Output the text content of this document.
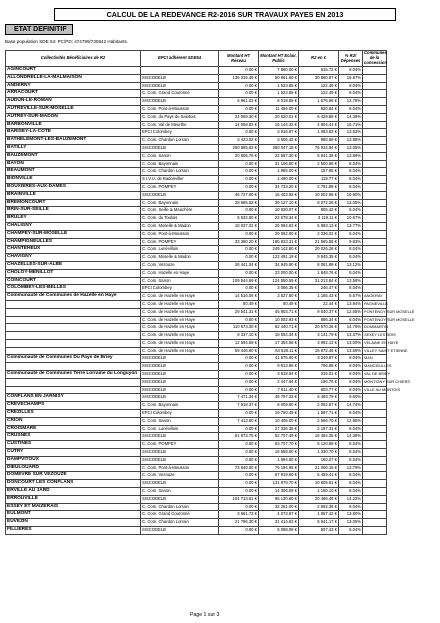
CALCUL DE LA REDEVANCE R2-2016 SUR TRAVAUX PAYES EN 2013
ETAT DEFINITIF
Base population SDE 54: PC/PD: 474799/730842 Habitants.
Collectivités Bénéficiaires de R2	EPCI adhérent SDE54	Montant HT Réseau	Montant HT Eclair. Public	R2 en €	% R2/ Dépenses	Communes de la concession
AGINCOURT		0.00 €	7 660.00 €	615.72 €	8.04%	
ALLONDRELLE-LA-MALMAISON	SISCODELB	135 315.49 €	50 661.50 €	30 660.97 €	16.87%	
ANDERNY	SISCODELB	0.00 €	1 523.85 €	122.49 €	8.04%	
ARRACOURT	C. Com. Grand Couronné	0.00 €	1 523.85 €	122.49 €	8.04%	
AUDUN-LE-ROMAN	SISCODELB	5 961.02 €	8 018.85 €	1 676.96 €	13.78%	
AUTREVILLE-SUR-MOSELLE	C. Com. Pont-à-Mousson	0.00 €	11 456.00 €	920.84 €	8.04%	
AUTREY-SUR-MADON	C. Com. du Pays du Saintois	24 069.30 €	20 620.01 €	6 429.86 €	14.39%	
BARBONVILLE	C. Com. Val de Meurthe	14 058.82 €	15 144.32 €	4 604.41 €	15.71%	
BARISEY-LA-COTE	EPCI Colombey	0.00 €	3 016.67 €	1 083.83 €	13.93%	
BATHELEMONT-LES-BAUZEMONT	C. Com. Chardon Lorrain	3 423.02 €	3 506.42 €	980.59 €	13.88%	
BATILLY	SISCODELB	250 895.63 €	350 047.18 €	76 934.94 €	13.05%	
BAUZEMONT	C. Com. Sanon	20 606.76 €	22 567.30 €	5 941.36 €	13.89%	
BAYON	C. Com. Bayonnais	0.00 €	31 106.50 €	2 500.66 €	8.04%	
BEAUMONT	C. Com. Chardon Lorrain	0.00 €	1 965.00 €	157.95 €	8.04%	
BIONVILLE	S.I.V.U. de Badonviller	0.00 €	1 490.00 €	119.77 €	8.04%	
BOUXIERES-AUX-DAMES	C. Com. POMPEY	0.00 €	34 733.20 €	2 791.88 €	8.04%	
BRAINVILLE	SISCODELB	46 727.80 €	15 403.92 €	10 502.96 €	16.90%	
BREMONCOURT	C. Com. Bayonnais	28 665.52 €	39 127.10 €	8 072.26 €	13.05%	
BRIN-SUR-SEILLE	C. Com. Seille & Mauchère	0.00 €	10 020.07 €	805.42 €	8.04%	
BRULEY	C. Com. du Toulois	6 532.50 €	22 678.34 €	3 119.11 €	10.67%	
CHALIGNY	C. Com. Moselle & Madon	18 037.02 €	26 094.63 €	5 893.13 €	13.77%	
CHAMPEY-SUR-MOSELLE	C. Com. Pont-à-Mousson	0.00 €	29 062.00 €	2 336.02 €	8.04%	
CHAMPIGNEULLES	C. Com. POMPEY	33 360.20 €	185 823.31 €	21 565.56 €	9.83%	
CHANTEHEUX	C. Com. Lunévillois	0.00 €	249 142.80 €	20 026.26 €	8.04%	
CHAVIGNY	C. Com. Moselle & Madon	0.00 €	122 491.19 €	9 845.35 €	8.04%	
CHAZELLES-SUR-ALBE	C. Com. Vezouze	26 441.04 €	34 945.90 €	8 081.88 €	13.12%	
CHOLOY-MENILLOT	C. Com. Hazelle en Haye	0.00 €	23 000.00 €	1 848.76 €	8.04%	
COINCOURT	C. Com. Sanon	109 944.69 €	124 550.59 €	31 013.84 €	13.58%	
COLOMBEY-LES-BELLES	EPCI Colombey	0.00 €	3 066.35 €	246.47 €	8.04%	
Communauté de Communes de Hazelle en Haye	C. Com. de Hazelle en Haye	14 516.06 €	3 527.60 €	1 185.43 €	6.57%	ANGERAY
	C. Com. de Hazelle en Haye	80.49 €	80.49 €	22.44 €	13.94%	PAGNEVILLE
	C. Com. de Hazelle en Haye	29 541.31 €	45 903.71 €	9 540.37 €	12.65%	PONTENOY SUR MOSELLE
	C. Com. de Hazelle en Haye	0.00 €	10 002.93 €	886.34 €	8.04%	PONTENOY SUR MOSELLE
	C. Com. de Hazelle en Haye	110 673.30 €	62 440.71 €	20 670.26 €	14.79%	DOMMARTIN
	C. Com. de Hazelle en Haye	8 337.10 €	18 054.34 €	3 141.79 €	13.37%	SEXEY LES BOIS
	C. Com. de Hazelle en Haye	12 594.59 €	17 354.56 €	3 992.13 €	13.00%	VELAINE EN HAYE
	C. Com. de Hazelle en Haye	59 446.90 €	64 528.11 €	16 872.46 €	13.69%	VILLEY SAINT ETIENNE
Communauté de Communes Du Pays de Briey	SISCODELB	0.00 €	41 675.90 €	3 349.87 €	8.04%	MAN
	SISCODELB	0.00 €	9 913.96 €	796.88 €	8.04%	MANCIEULLES
Communauté de Communes Terre Lorraine du Longuyon	SISCODELB	0.00 €	3 918.94 €	315.01 €	8.04%	VAL DE BRIEY
	SISCODELB	0.00 €	2 447.64 €	196.76 €	8.04%	MONTIGNY SUR CHIERS
	SISCODELB	0.00 €	7 511.40 €	603.77 €	8.04%	VILLE AU MONTOIS
CONFLANS EN JARNISY	SISCODELB	7 471.34 €	48 797.22 €	5 493.79 €	9.60%	
CREVECHAMPS	C. Com. Bayonnais	7 918.37 €	8 009.80 €	2 052.87 €	14.74%	
CREZILLES	EPCI Colombey	0.00 €	19 750.45 €	1 587.71 €	8.04%	
CRION	C. Com. Sanon	7 413.60 €	10 405.00 €	2 566.70 €	12.95%	
CROISMARE	C. Com. Lunévillois	0.00 €	27 336.35 €	2 197.31 €	8.04%	
CRUSNES	SISCODELB	61 673.75 €	52 707.49 €	16 464.35 €	14.39%	
CUSTINES	C. Com. POMPEY	0.00 €	63 707.70 €	5 120.88 €	8.04%	
CUTRY	SISCODELB	0.00 €	16 558.50 €	1 330.70 €	8.04%	
DAMPVITOUX	SISCODELB	0.00 €	1 994.00 €	160.27 €	8.04%	
DIEULOUARD	C. Com. Pont-à-Mousson	73 640.00 €	75 194.95 €	21 006.15 €	13.79%	
DOMEVRE SUR VEZOUZE	C. Com. Vezouze	0.00 €	67 919.50 €	5 459.41 €	8.04%	
DONCOURT LES CONFLANS	SISCODELB	0.00 €	131 978.70 €	10 605.81 €	8.04%	
ERVILLE AU JARD	C. Com. Sanon	0.00 €	14 306.09 €	1 150.10 €	8.04%	
ERROUVILLE	SISCODELB	104 713.61 €	95 130.60 €	20 466.46 €	14.22%	
ESSEY ET MAIZERAIS	C. Com. Chardon Lorrain	0.00 €	32 251.00 €	2 592.36 €	8.04%	
EULMONT	C. Com. Grand Couronné	3 661.73 €	4 073.67 €	1 067.42 €	13.80%	
EUVEZIN	C. Com. Chardon Lorrain	21 796.30 €	31 414.63 €	6 941.17 €	13.05%	
FILLIERES	SISCODELB	0.00 €	6 088.09 €	507.43 €	8.04%	
Page 1 sur 3
